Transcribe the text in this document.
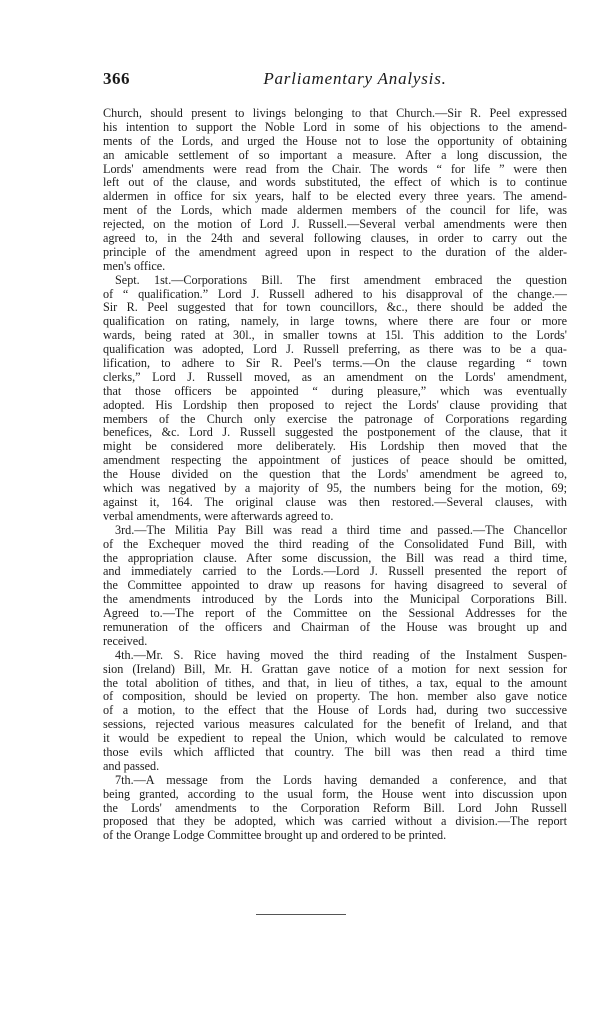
366	Parliamentary Analysis.
Church, should present to livings belonging to that Church.—Sir R. Peel expressed
his intention to support the Noble Lord in some of his objections to the amend-
ments of the Lords, and urged the House not to lose the opportunity of obtaining
an amicable settlement of so important a measure. After a long discussion, the
Lords' amendments were read from the Chair. The words “ for life ” were then
left out of the clause, and words substituted, the effect of which is to continue
aldermen in office for six years, half to be elected every three years. The amend-
ment of the Lords, which made aldermen members of the council for life, was
rejected, on the motion of Lord J. Russell.—Several verbal amendments were then
agreed to, in the 24th and several following clauses, in order to carry out the
principle of the amendment agreed upon in respect to the duration of the alder-
men's office.
Sept. 1st.—Corporations Bill. The first amendment embraced the question
of “ qualification.” Lord J. Russell adhered to his disapproval of the change.—
Sir R. Peel suggested that for town councillors, &c., there should be added the
qualification on rating, namely, in large towns, where there are four or more
wards, being rated at 30l., in smaller towns at 15l. This addition to the Lords'
qualification was adopted, Lord J. Russell preferring, as there was to be a qua-
lification, to adhere to Sir R. Peel's terms.—On the clause regarding “ town
clerks,” Lord J. Russell moved, as an amendment on the Lords' amendment,
that those officers be appointed “ during pleasure,” which was eventually
adopted. His Lordship then proposed to reject the Lords' clause providing that
members of the Church only exercise the patronage of Corporations regarding
benefices, &c. Lord J. Russell suggested the postponement of the clause, that it
might be considered more deliberately. His Lordship then moved that the
amendment respecting the appointment of justices of peace should be omitted,
the House divided on the question that the Lords' amendment be agreed to,
which was negatived by a majority of 95, the numbers being for the motion, 69;
against it, 164. The original clause was then restored.—Several clauses, with
verbal amendments, were afterwards agreed to.
3rd.—The Militia Pay Bill was read a third time and passed.—The Chancellor
of the Exchequer moved the third reading of the Consolidated Fund Bill, with
the appropriation clause. After some discussion, the Bill was read a third time,
and immediately carried to the Lords.—Lord J. Russell presented the report of
the Committee appointed to draw up reasons for having disagreed to several of
the amendments introduced by the Lords into the Municipal Corporations Bill.
Agreed to.—The report of the Committee on the Sessional Addresses for the
remuneration of the officers and Chairman of the House was brought up and
received.
4th.—Mr. S. Rice having moved the third reading of the Instalment Suspen-
sion (Ireland) Bill, Mr. H. Grattan gave notice of a motion for next session for
the total abolition of tithes, and that, in lieu of tithes, a tax, equal to the amount
of composition, should be levied on property. The hon. member also gave notice
of a motion, to the effect that the House of Lords had, during two successive
sessions, rejected various measures calculated for the benefit of Ireland, and that
it would be expedient to repeal the Union, which would be calculated to remove
those evils which afflicted that country. The bill was then read a third time
and passed.
7th.—A message from the Lords having demanded a conference, and that
being granted, according to the usual form, the House went into discussion upon
the Lords' amendments to the Corporation Reform Bill. Lord John Russell
proposed that they be adopted, which was carried without a division.—The report
of the Orange Lodge Committee brought up and ordered to be printed.
